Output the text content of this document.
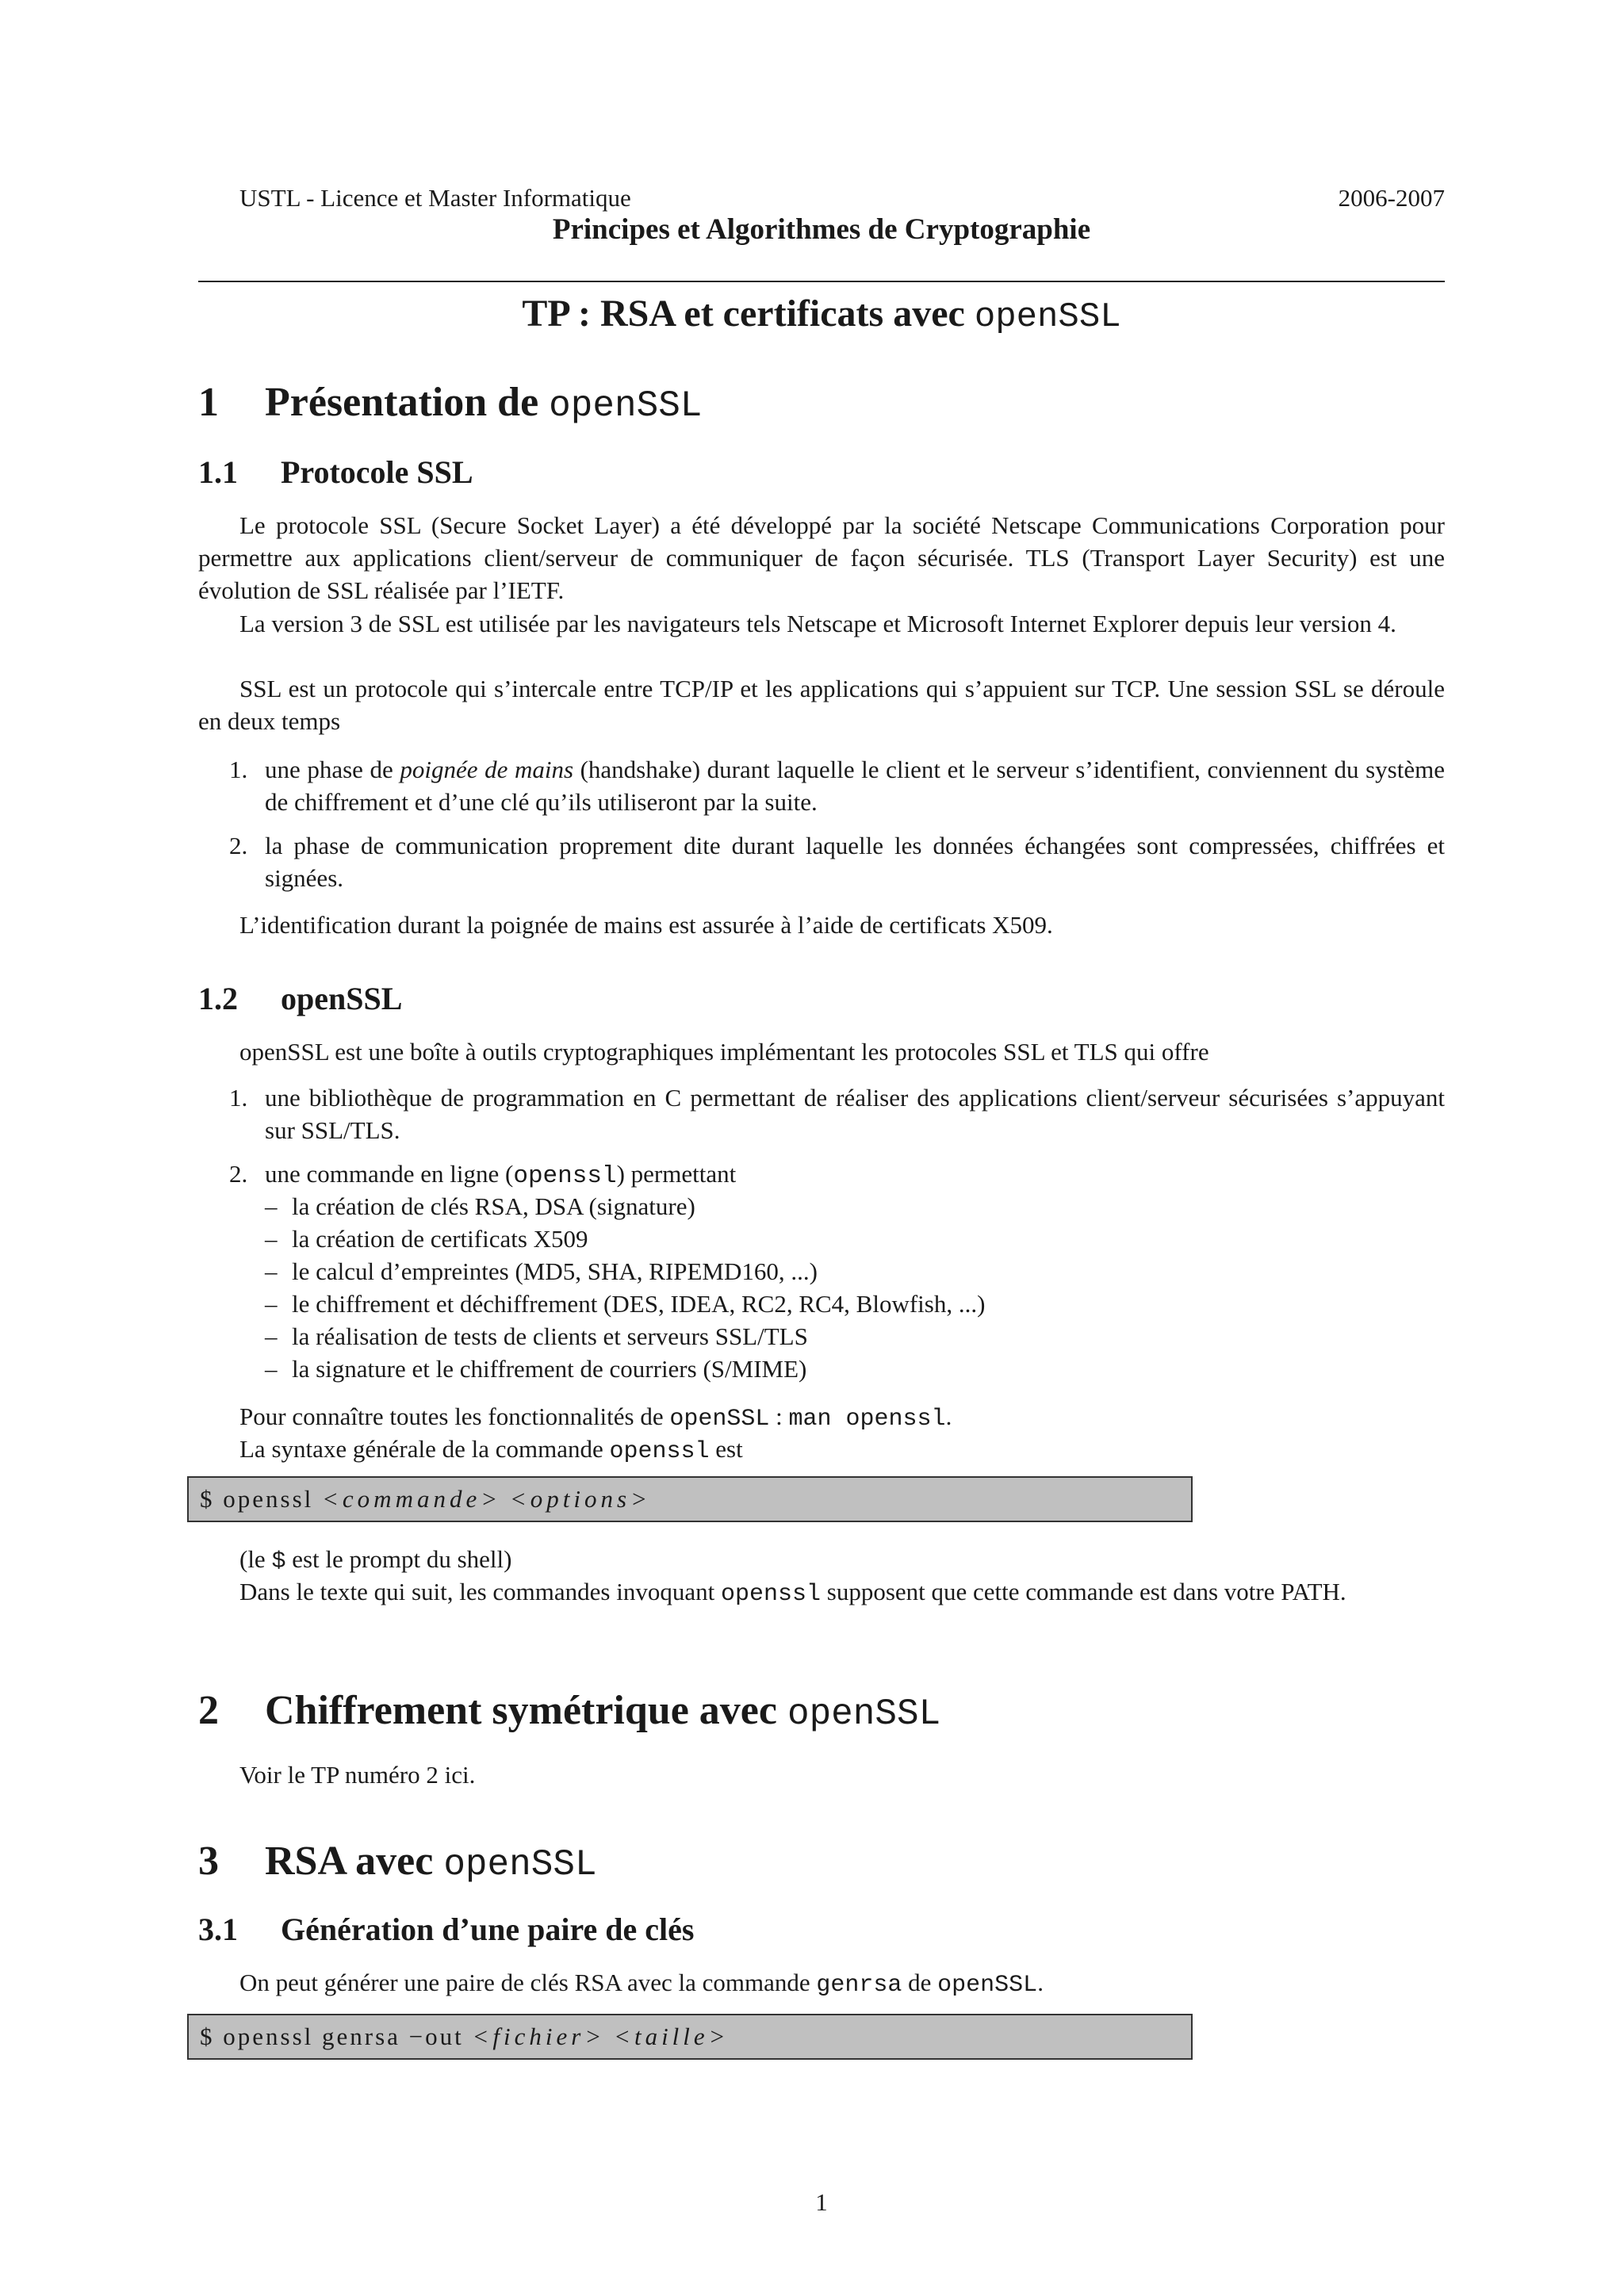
USTL - Licence et Master Informatique	2006-2007
Principes et Algorithmes de Cryptographie
TP : RSA et certificats avec openSSL
1 Présentation de openSSL
1.1 Protocole SSL
Le protocole SSL (Secure Socket Layer) a été développé par la société Netscape Communications Corporation pour permettre aux applications client/serveur de communiquer de façon sécurisée. TLS (Transport Layer Security) est une évolution de SSL réalisée par l’IETF.
La version 3 de SSL est utilisée par les navigateurs tels Netscape et Microsoft Internet Explorer depuis leur version 4.
SSL est un protocole qui s’intercale entre TCP/IP et les applications qui s’appuient sur TCP. Une session SSL se déroule en deux temps
1. une phase de poignée de mains (handshake) durant laquelle le client et le serveur s’identifient, conviennent du système de chiffrement et d’une clé qu’ils utiliseront par la suite.
2. la phase de communication proprement dite durant laquelle les données échangées sont compressées, chiffrées et signées.
L’identification durant la poignée de mains est assurée à l’aide de certificats X509.
1.2 openSSL
openSSL est une boîte à outils cryptographiques implémentant les protocoles SSL et TLS qui offre
1. une bibliothèque de programmation en C permettant de réaliser des applications client/serveur sécurisées s’appuyant sur SSL/TLS.
2. une commande en ligne (openssl) permettant
– la création de clés RSA, DSA (signature)
– la création de certificats X509
– le calcul d’empreintes (MD5, SHA, RIPEMD160, ...)
– le chiffrement et déchiffrement (DES, IDEA, RC2, RC4, Blowfish, ...)
– la réalisation de tests de clients et serveurs SSL/TLS
– la signature et le chiffrement de courriers (S/MIME)
Pour connaître toutes les fonctionnalités de openSSL : man openssl.
La syntaxe générale de la commande openssl est
$ openssl <commande> <options>
(le $ est le prompt du shell)
Dans le texte qui suit, les commandes invoquant openssl supposent que cette commande est dans votre PATH.
2 Chiffrement symétrique avec openSSL
Voir le TP numéro 2 ici.
3 RSA avec openSSL
3.1 Génération d’une paire de clés
On peut générer une paire de clés RSA avec la commande genrsa de openSSL.
$ openssl genrsa −out <fichier> <taille>
1
